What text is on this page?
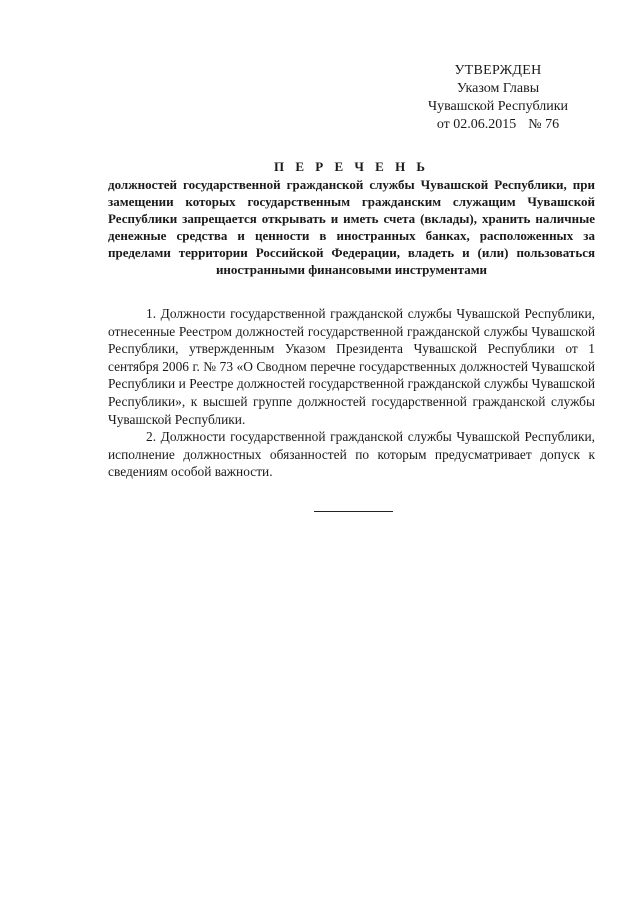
УТВЕРЖДЕН
Указом Главы
Чувашской Республики
от 02.06.2015 № 76
П Е Р Е Ч Е Н Ь
должностей государственной гражданской службы Чувашской Республики, при замещении которых государственным гражданским служащим Чувашской Республики запрещается открывать и иметь счета (вклады), хранить наличные денежные средства и ценности в иностранных банках, расположенных за пределами территории Российской Федерации, владеть и (или) пользоваться иностранными финансовыми инструментами

1. Должности государственной гражданской службы Чувашской Республики, отнесенные Реестром должностей государственной гражданской службы Чувашской Республики, утвержденным Указом Президента Чувашской Республики от 1 сентября 2006 г. № 73 «О Сводном перечне государственных должностей Чувашской Республики и Реестре должностей государственной гражданской службы Чувашской Республики», к высшей группе должностей государственной гражданской службы Чувашской Республики.

2. Должности государственной гражданской службы Чувашской Республики, исполнение должностных обязанностей по которым предусматривает допуск к сведениям особой важности.
